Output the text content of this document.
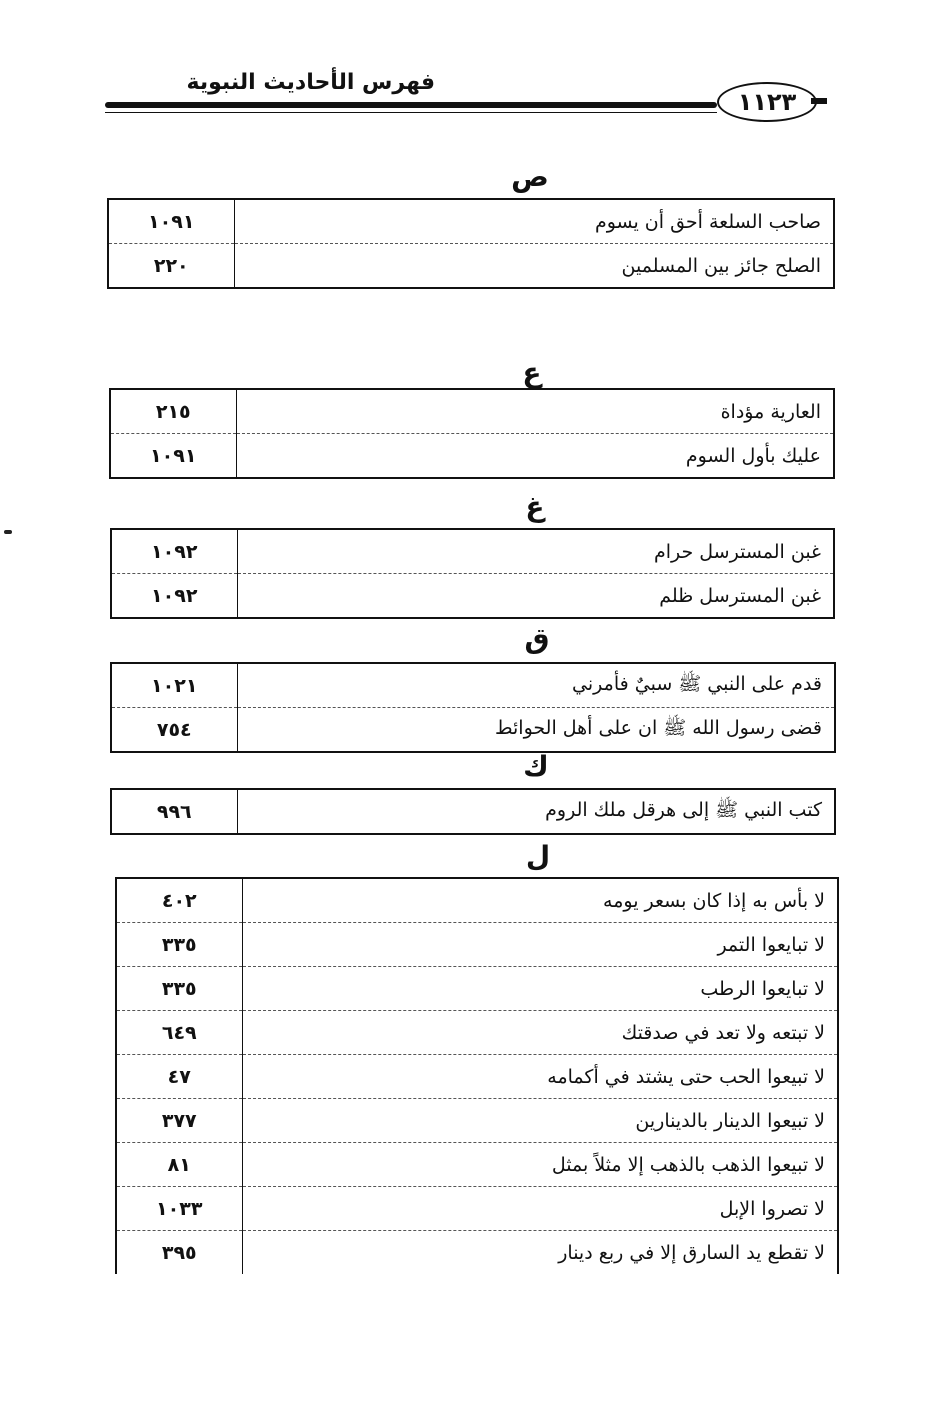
فهرس الأحاديث النبوية
١١٢٣
ص
١٠٩١	صاحب السلعة أحق أن يسوم
٢٢٠	الصلح جائز بين المسلمين
ع
٢١٥	العارية مؤداة
١٠٩١	عليك بأول السوم
غ
١٠٩٢	غبن المسترسل حرام
١٠٩٢	غبن المسترسل ظلم
ق
١٠٢١	قدم على النبي ﷺ سبيٌ فأمرني
٧٥٤	قضى رسول الله ﷺ ان على أهل الحوائط
ك
٩٩٦	كتب النبي ﷺ إلى هرقل ملك الروم
ل
٤٠٢	لا بأس به إذا كان بسعر يومه
٣٣٥	لا تبايعوا التمر
٣٣٥	لا تبايعوا الرطب
٦٤٩	لا تبتعه ولا تعد في صدقتك
٤٧	لا تبيعوا الحب حتى يشتد في أكمامه
٣٧٧	لا تبيعوا الدينار بالدينارين
٨١	لا تبيعوا الذهب بالذهب إلا مثلاً بمثل
١٠٣٣	لا تصروا الإبل
٣٩٥	لا تقطع يد السارق إلا في ربع دينار
